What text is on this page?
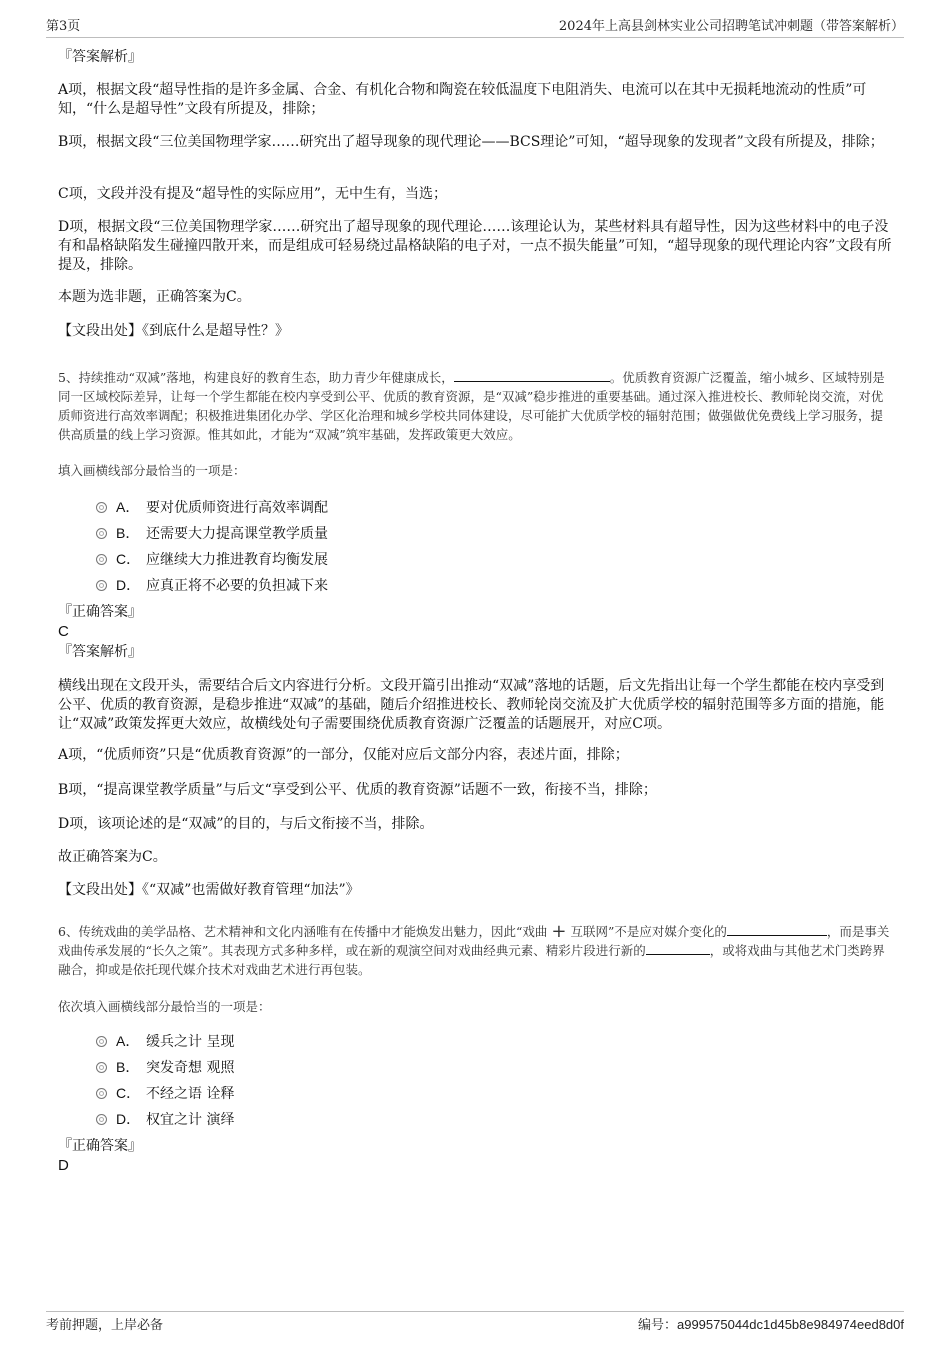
第3页	2024年上高县剑林实业公司招聘笔试冲刺题（带答案解析）
『答案解析』
A项，根据文段“超导性指的是许多金属、合金、有机化合物和陶瓷在较低温度下电阻消失、电流可以在其中无损耗地流动的性质”可知，“什么是超导性”文段有所提及，排除；
B项，根据文段“三位美国物理学家……研究出了超导现象的现代理论——BCS理论”可知，“超导现象的发现者”文段有所提及，排除；
C项，文段并没有提及“超导性的实际应用”，无中生有，当选；
D项，根据文段“三位美国物理学家……研究出了超导现象的现代理论……该理论认为，某些材料具有超导性，因为这些材料中的电子没有和晶格缺陷发生碰撞四散开来，而是组成可轻易绕过晶格缺陷的电子对，一点不损失能量”可知，“超导现象的现代理论内容”文段有所提及，排除。
本题为选非题，正确答案为C。
【文段出处】《到底什么是超导性？》
5、持续推动“双减”落地，构建良好的教育生态，助力青少年健康成长，	。优质教育资源广泛覆盖，缩小城乡、区域特别是同一区域校际差异，让每一个学生都能在校内享受到公平、优质的教育资源，是“双减”稳步推进的重要基础。通过深入推进校长、教师轮岗交流，对优质师资进行高效率调配；积极推进集团化办学、学区化治理和城乡学校共同体建设，尽可能扩大优质学校的辐射范围；做强做优免费线上学习服务，提供高质量的线上学习资源。惟其如此，才能为“双减”筑牢基础，发挥政策更大效应。
填入画横线部分最恰当的一项是：
A． 要对优质师资进行高效率调配
B． 还需要大力提高课堂教学质量
C． 应继续大力推进教育均衡发展
D． 应真正将不必要的负担减下来
『正确答案』
C
『答案解析』
横线出现在文段开头，需要结合后文内容进行分析。文段开篇引出推动“双减”落地的话题，后文先指出让每一个学生都能在校内享受到公平、优质的教育资源，是稳步推进“双减”的基础，随后介绍推进校长、教师轮岗交流及扩大优质学校的辐射范围等多方面的措施，能让“双减”政策发挥更大效应，故横线处句子需要围绕优质教育资源广泛覆盖的话题展开，对应C项。
A项，“优质师资”只是“优质教育资源”的一部分，仅能对应后文部分内容，表述片面，排除；
B项，“提高课堂教学质量”与后文“享受到公平、优质的教育资源”话题不一致，衔接不当，排除；
D项，该项论述的是“双减”的目的，与后文衔接不当，排除。
故正确答案为C。
【文段出处】《“双减”也需做好教育管理“加法”》
6、传统戏曲的美学品格、艺术精神和文化内涵唯有在传播中才能焕发出魅力，因此“戏曲 + 互联网”不是应对媒介变化的	，而是事关戏曲传承发展的“长久之策”。其表现方式多种多样，或在新的观演空间对戏曲经典元素、精彩片段进行新的	，或将戏曲与其他艺术门类跨界融合，抑或是依托现代媒介技术对戏曲艺术进行再包装。
依次填入画横线部分最恰当的一项是：
A． 缓兵之计 呈现
B． 突发奇想 观照
C． 不经之语 诠释
D． 权宜之计 演绎
『正确答案』
D
考前押题，上岸必备	编号：a999575044dc1d45b8e984974eed8d0f
